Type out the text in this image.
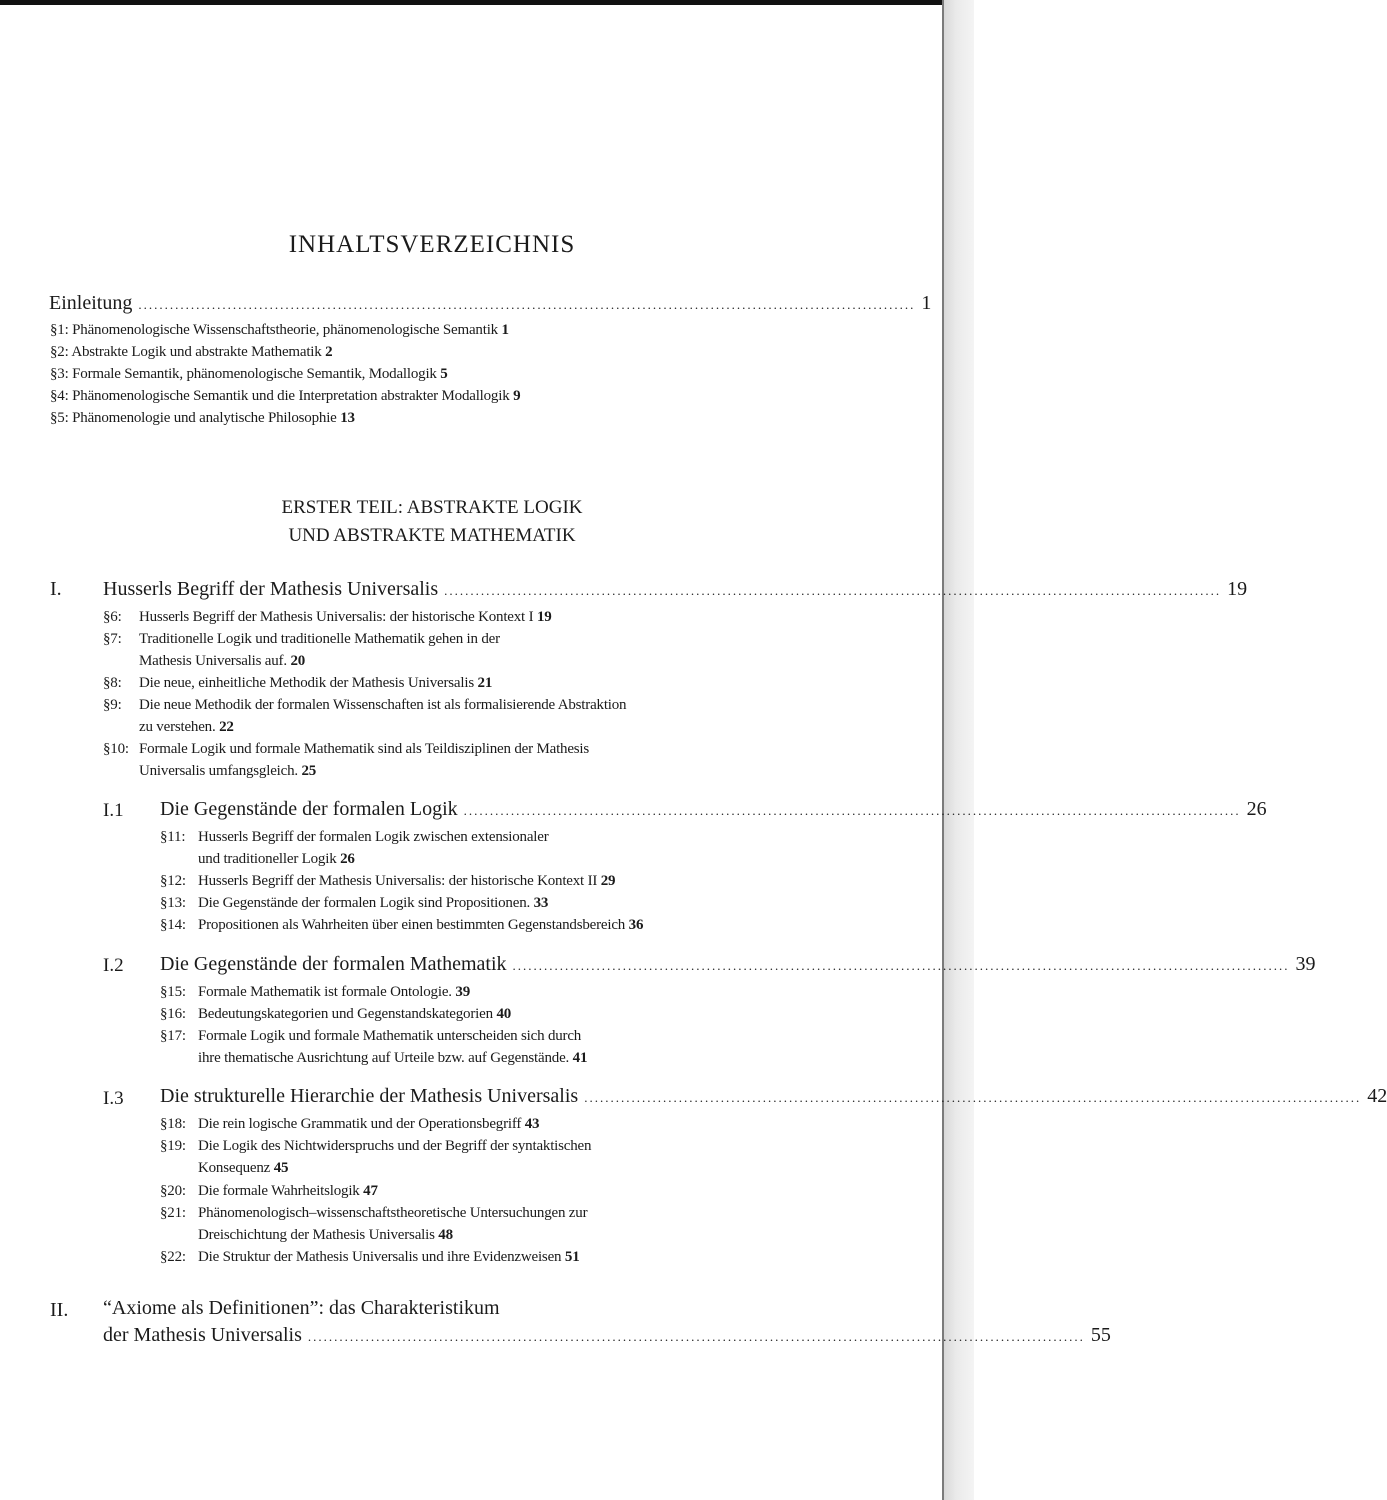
INHALTSVERZEICHNIS
Einleitung .................................................................................................................................................... 1
§1: Phänomenologische Wissenschaftstheorie, phänomenologische Semantik 1
§2: Abstrakte Logik und abstrakte Mathematik 2
§3: Formale Semantik, phänomenologische Semantik, Modallogik 5
§4: Phänomenologische Semantik und die Interpretation abstrakter Modallogik 9
§5: Phänomenologie und analytische Philosophie 13
ERSTER TEIL: ABSTRAKTE LOGIK
UND ABSTRAKTE MATHEMATIK
I. Husserls Begriff der Mathesis Universalis .................................................................................................................................................... 19
§6: Husserls Begriff der Mathesis Universalis: der historische Kontext I 19
§7: Traditionelle Logik und traditionelle Mathematik gehen in der
Mathesis Universalis auf. 20
§8: Die neue, einheitliche Methodik der Mathesis Universalis 21
§9: Die neue Methodik der formalen Wissenschaften ist als formalisierende Abstraktion
zu verstehen. 22
§10: Formale Logik und formale Mathematik sind als Teildisziplinen der Mathesis
Universalis umfangsgleich. 25
I.1 Die Gegenstände der formalen Logik .................................................................................................................................................... 26
§11: Husserls Begriff der formalen Logik zwischen extensionaler
und traditioneller Logik 26
§12: Husserls Begriff der Mathesis Universalis: der historische Kontext II 29
§13: Die Gegenstände der formalen Logik sind Propositionen. 33
§14: Propositionen als Wahrheiten über einen bestimmten Gegenstandsbereich 36
I.2 Die Gegenstände der formalen Mathematik .................................................................................................................................................... 39
§15: Formale Mathematik ist formale Ontologie. 39
§16: Bedeutungskategorien und Gegenstandskategorien 40
§17: Formale Logik und formale Mathematik unterscheiden sich durch
ihre thematische Ausrichtung auf Urteile bzw. auf Gegenstände. 41
I.3 Die strukturelle Hierarchie der Mathesis Universalis .................................................................................................................................................... 42
§18: Die rein logische Grammatik und der Operationsbegriff 43
§19: Die Logik des Nichtwiderspruchs und der Begriff der syntaktischen
Konsequenz 45
§20: Die formale Wahrheitslogik 47
§21: Phänomenologisch–wissenschaftstheoretische Untersuchungen zur
Dreischichtung der Mathesis Universalis 48
§22: Die Struktur der Mathesis Universalis und ihre Evidenzweisen 51
II. “Axiome als Definitionen”: das Charakteristikum
der Mathesis Universalis .................................................................................................................................................... 55
